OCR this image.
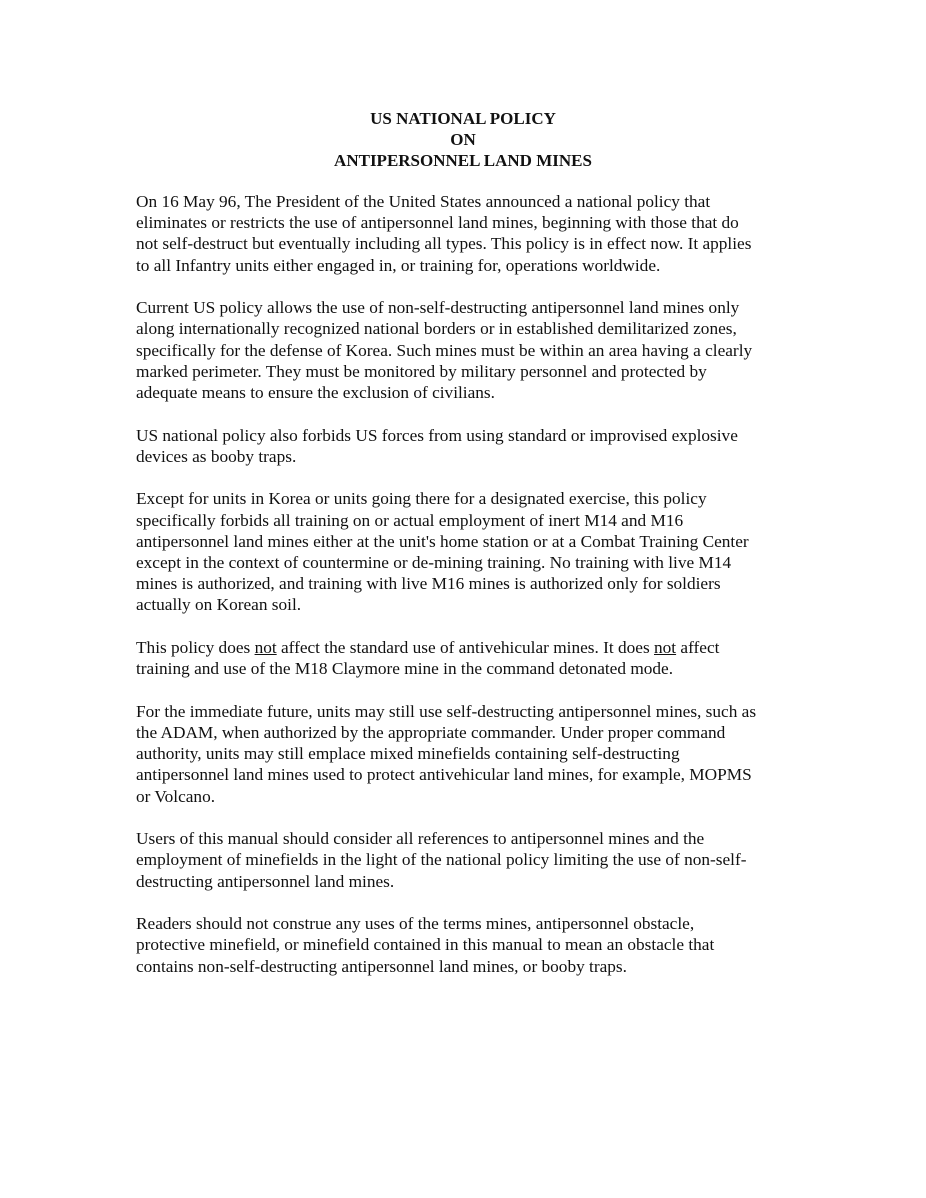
US NATIONAL POLICY
ON
ANTIPERSONNEL LAND MINES

On 16 May 96, The President of the United States announced a national policy that
eliminates or restricts the use of antipersonnel land mines, beginning with those that do
not self-destruct but eventually including all types. This policy is in effect now. It applies
to all Infantry units either engaged in, or training for, operations worldwide.

Current US policy allows the use of non-self-destructing antipersonnel land mines only
along internationally recognized national borders or in established demilitarized zones,
specifically for the defense of Korea. Such mines must be within an area having a clearly
marked perimeter. They must be monitored by military personnel and protected by
adequate means to ensure the exclusion of civilians.

US national policy also forbids US forces from using standard or improvised explosive
devices as booby traps.

Except for units in Korea or units going there for a designated exercise, this policy
specifically forbids all training on or actual employment of inert M14 and M16
antipersonnel land mines either at the unit's home station or at a Combat Training Center
except in the context of countermine or de-mining training. No training with live M14
mines is authorized, and training with live M16 mines is authorized only for soldiers
actually on Korean soil.

This policy does not affect the standard use of antivehicular mines. It does not affect
training and use of the M18 Claymore mine in the command detonated mode.

For the immediate future, units may still use self-destructing antipersonnel mines, such as
the ADAM, when authorized by the appropriate commander. Under proper command
authority, units may still emplace mixed minefields containing self-destructing
antipersonnel land mines used to protect antivehicular land mines, for example, MOPMS
or Volcano.

Users of this manual should consider all references to antipersonnel mines and the
employment of minefields in the light of the national policy limiting the use of non-self-
destructing antipersonnel land mines.

Readers should not construe any uses of the terms mines, antipersonnel obstacle,
protective minefield, or minefield contained in this manual to mean an obstacle that
contains non-self-destructing antipersonnel land mines, or booby traps.
